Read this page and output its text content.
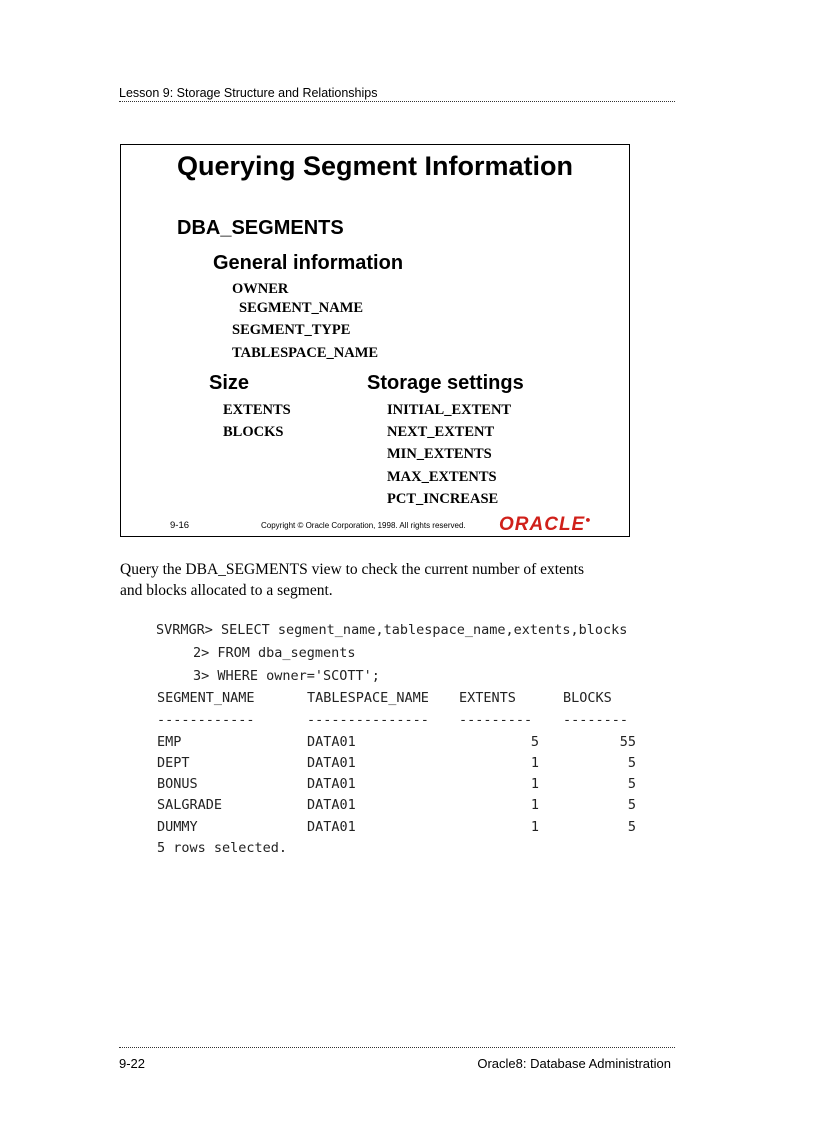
Lesson 9: Storage Structure and Relationships
Querying Segment Information
DBA_SEGMENTS
General information
OWNER
SEGMENT_NAME
SEGMENT_TYPE
TABLESPACE_NAME
Size	Storage settings
EXTENTS
BLOCKS
INITIAL_EXTENT
NEXT_EXTENT
MIN_EXTENTS
MAX_EXTENTS
PCT_INCREASE
9-16	Copyright © Oracle Corporation, 1998. All rights reserved. ORACLE●
Query the DBA_SEGMENTS view to check the current number of extents
and blocks allocated to a segment.
SVRMGR> SELECT segment_name,tablespace_name,extents,blocks
2> FROM dba_segments
3> WHERE owner='SCOTT';
SEGMENT_NAME	TABLESPACE_NAME EXTENTS	BLOCKS
------------	--------------- --------- --------
EMP	DATA01	5	55
DEPT	DATA01	1	5
BONUS	DATA01	1	5
SALGRADE	DATA01	1	5
DUMMY	DATA01	1	5
5 rows selected.
9-22	Oracle8: Database Administration
